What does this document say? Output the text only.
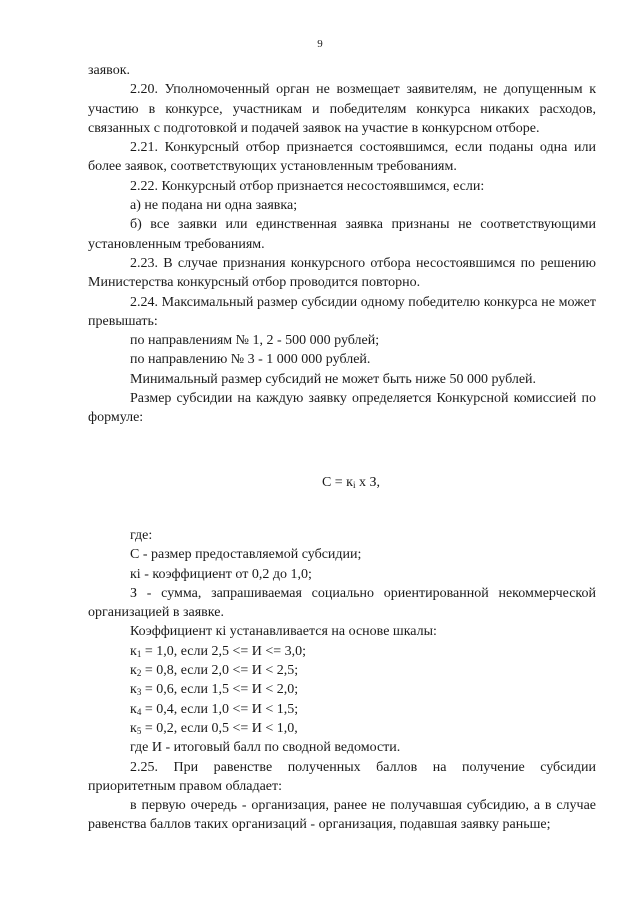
9

заявок.

2.20. Уполномоченный орган не возмещает заявителям, не допущенным к участию в конкурсе, участникам и победителям конкурса никаких расходов, связанных с подготовкой и подачей заявок на участие в конкурсном отборе.

2.21. Конкурсный отбор признается состоявшимся, если поданы одна или более заявок, соответствующих установленным требованиям.

2.22. Конкурсный отбор признается несостоявшимся, если:

а) не подана ни одна заявка;

б) все заявки или единственная заявка признаны не соответствующими установленным требованиям.

2.23. В случае признания конкурсного отбора несостоявшимся по решению Министерства конкурсный отбор проводится повторно.

2.24. Максимальный размер субсидии одному победителю конкурса не может превышать:

по направлениям № 1, 2 - 500 000 рублей;

по направлению № 3 - 1 000 000 рублей.

Минимальный размер субсидий не может быть ниже 50 000 рублей.

Размер субсидии на каждую заявку определяется Конкурсной комиссией по формуле:

$С = к_i$ х З,

где:

С - размер предоставляемой субсидии;

кi - коэффициент от 0,2 до 1,0;

З - сумма, запрашиваемая социально ориентированной некоммерческой организацией в заявке.

Коэффициент кi устанавливается на основе шкалы:

$к_1 = 1,0$, если 2,5 <= И <= 3,0;

$к_2 = 0,8$, если 2,0 <= И < 2,5;

$к_3 = 0,6$, если 1,5 <= И < 2,0;

$к_4 = 0,4$, если 1,0 <= И < 1,5;

$к_5 = 0,2$, если 0,5 <= И < 1,0,

где И - итоговый балл по сводной ведомости.

2.25. При равенстве полученных баллов на получение субсидии приоритетным правом обладает:

в первую очередь - организация, ранее не получавшая субсидию, а в случае равенства баллов таких организаций - организация, подавшая заявку раньше;
